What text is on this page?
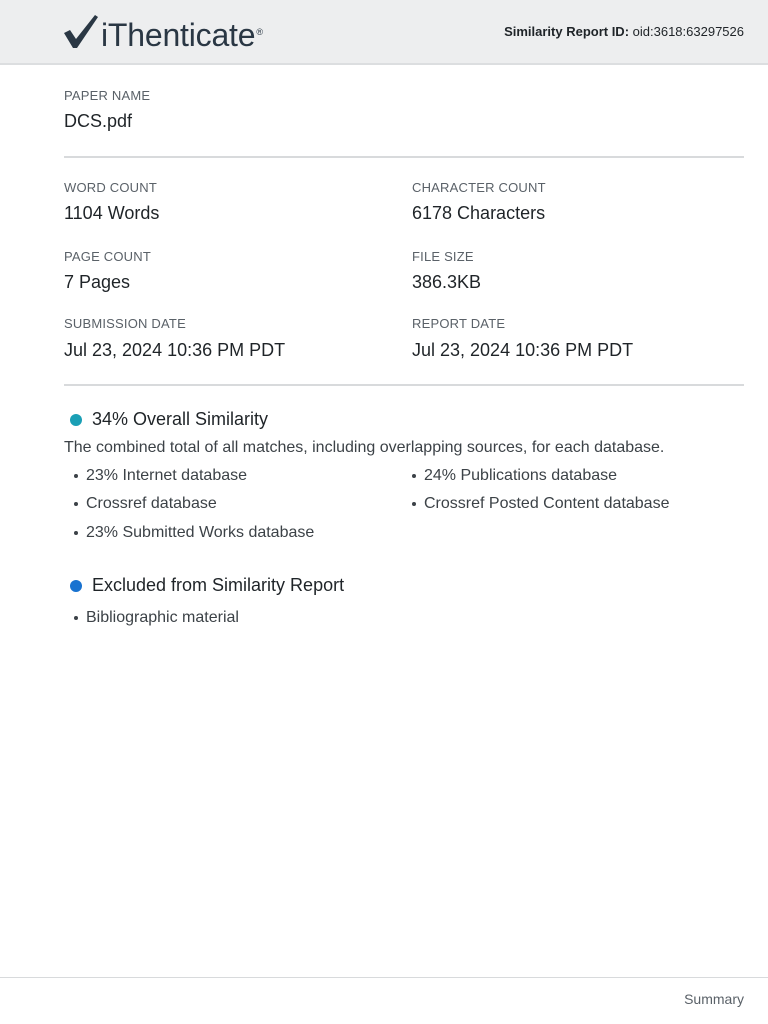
iThenticate ®	Similarity Report ID: oid:3618:63297526
PAPER NAME
DCS.pdf
WORD COUNT
1104 Words
CHARACTER COUNT
6178 Characters
PAGE COUNT
7 Pages
FILE SIZE
386.3KB
SUBMISSION DATE
Jul 23, 2024 10:36 PM PDT
REPORT DATE
Jul 23, 2024 10:36 PM PDT
34% Overall Similarity
The combined total of all matches, including overlapping sources, for each database.
23% Internet database
Crossref database
23% Submitted Works database
24% Publications database
Crossref Posted Content database
Excluded from Similarity Report
Bibliographic material
Summary
